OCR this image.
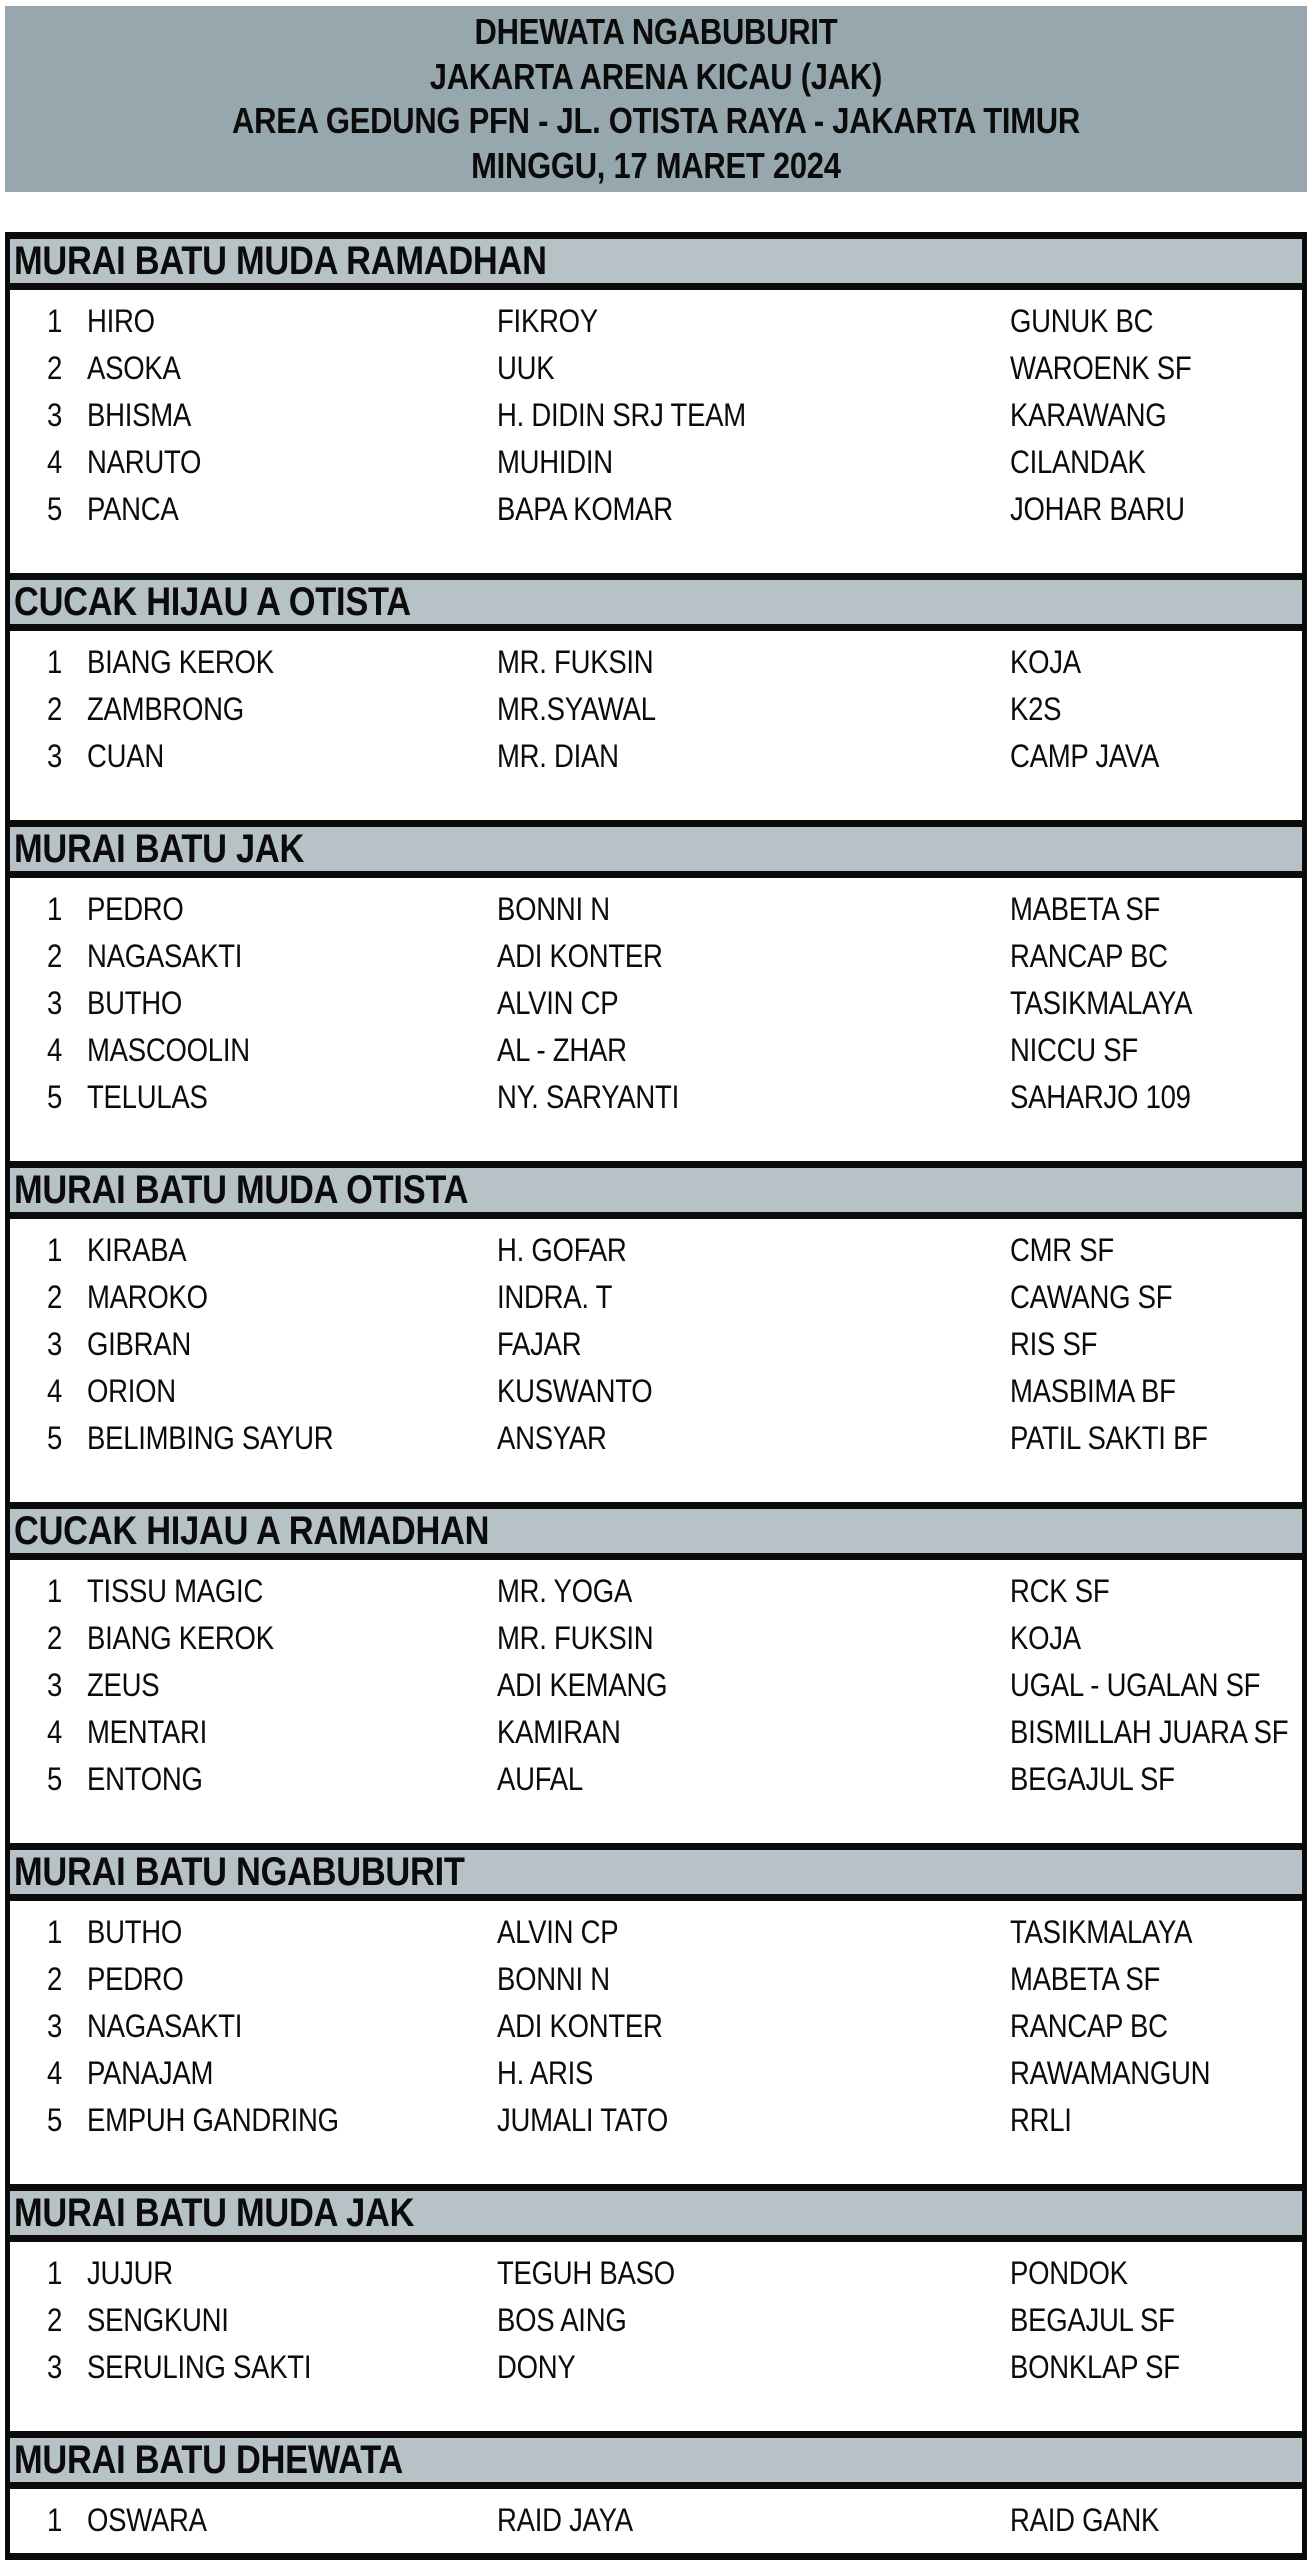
DHEWATA NGABUBURIT
JAKARTA ARENA KICAU (JAK)
AREA GEDUNG PFN - JL. OTISTA RAYA - JAKARTA TIMUR
MINGGU, 17 MARET 2024
MURAI BATU MUDA RAMADHAN
1 HIRO	FIKROY	GUNUK BC
2 ASOKA	UUK	WAROENK SF
3 BHISMA	H. DIDIN SRJ TEAM	KARAWANG
4 NARUTO	MUHIDIN	CILANDAK
5 PANCA	BAPA KOMAR	JOHAR BARU
CUCAK HIJAU A OTISTA
1 BIANG KEROK	MR. FUKSIN	KOJA
2 ZAMBRONG	MR.SYAWAL	K2S
3 CUAN	MR. DIAN	CAMP JAVA
MURAI BATU JAK
1 PEDRO	BONNI N	MABETA SF
2 NAGASAKTI	ADI KONTER	RANCAP BC
3 BUTHO	ALVIN CP	TASIKMALAYA
4 MASCOOLIN	AL - ZHAR	NICCU SF
5 TELULAS	NY. SARYANTI	SAHARJO 109
MURAI BATU MUDA OTISTA
1 KIRABA	H. GOFAR	CMR SF
2 MAROKO	INDRA. T	CAWANG SF
3 GIBRAN	FAJAR	RIS SF
4 ORION	KUSWANTO	MASBIMA BF
5 BELIMBING SAYUR	ANSYAR	PATIL SAKTI BF
CUCAK HIJAU A RAMADHAN
1 TISSU MAGIC	MR. YOGA	RCK SF
2 BIANG KEROK	MR. FUKSIN	KOJA
3 ZEUS	ADI KEMANG	UGAL - UGALAN SF
4 MENTARI	KAMIRAN	BISMILLAH JUARA SF
5 ENTONG	AUFAL	BEGAJUL SF
MURAI BATU NGABUBURIT
1 BUTHO	ALVIN CP	TASIKMALAYA
2 PEDRO	BONNI N	MABETA SF
3 NAGASAKTI	ADI KONTER	RANCAP BC
4 PANAJAM	H. ARIS	RAWAMANGUN
5 EMPUH GANDRING	JUMALI TATO	RRLI
MURAI BATU MUDA JAK
1 JUJUR	TEGUH BASO	PONDOK
2 SENGKUNI	BOS AING	BEGAJUL SF
3 SERULING SAKTI	DONY	BONKLAP SF
MURAI BATU DHEWATA
1 OSWARA	RAID JAYA	RAID GANK
